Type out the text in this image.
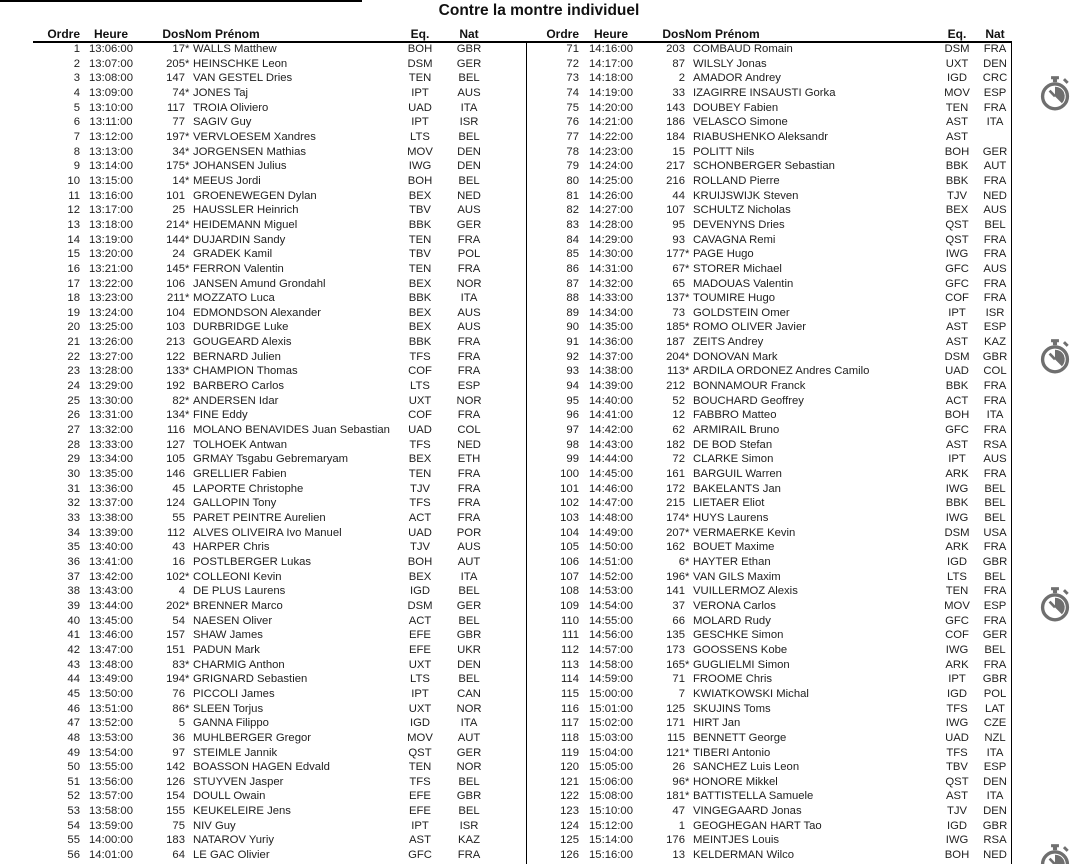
Contre la montre individuel
Ordre	Heure	Dos	Nom Prénom	Eq.	Nat
1	13:06:00	17	* WALLS Matthew	BOH	GBR
2	13:07:00	205	* HEINSCHKE Leon	DSM	GER
3	13:08:00	147	VAN GESTEL Dries	TEN	BEL
4	13:09:00	74	* JONES Taj	IPT	AUS
5	13:10:00	117	TROIA Oliviero	UAD	ITA
6	13:11:00	77	SAGIV Guy	IPT	ISR
7	13:12:00	197	* VERVLOESEM Xandres	LTS	BEL
8	13:13:00	34	* JORGENSEN Mathias	MOV	DEN
9	13:14:00	175	* JOHANSEN Julius	IWG	DEN
10	13:15:00	14	* MEEUS Jordi	BOH	BEL
11	13:16:00	101	GROENEWEGEN Dylan	BEX	NED
12	13:17:00	25	HAUSSLER Heinrich	TBV	AUS
13	13:18:00	214	* HEIDEMANN Miguel	BBK	GER
14	13:19:00	144	* DUJARDIN Sandy	TEN	FRA
15	13:20:00	24	GRADEK Kamil	TBV	POL
16	13:21:00	145	* FERRON Valentin	TEN	FRA
17	13:22:00	106	JANSEN Amund Grondahl	BEX	NOR
18	13:23:00	211	* MOZZATO Luca	BBK	ITA
19	13:24:00	104	EDMONDSON Alexander	BEX	AUS
20	13:25:00	103	DURBRIDGE Luke	BEX	AUS
21	13:26:00	213	GOUGEARD Alexis	BBK	FRA
22	13:27:00	122	BERNARD Julien	TFS	FRA
23	13:28:00	133	* CHAMPION Thomas	COF	FRA
24	13:29:00	192	BARBERO Carlos	LTS	ESP
25	13:30:00	82	* ANDERSEN Idar	UXT	NOR
26	13:31:00	134	* FINE Eddy	COF	FRA
27	13:32:00	116	MOLANO BENAVIDES Juan Sebastian	UAD	COL
28	13:33:00	127	TOLHOEK Antwan	TFS	NED
29	13:34:00	105	GRMAY Tsgabu Gebremaryam	BEX	ETH
30	13:35:00	146	GRELLIER Fabien	TEN	FRA
31	13:36:00	45	LAPORTE Christophe	TJV	FRA
32	13:37:00	124	GALLOPIN Tony	TFS	FRA
33	13:38:00	55	PARET PEINTRE Aurelien	ACT	FRA
34	13:39:00	112	ALVES OLIVEIRA Ivo Manuel	UAD	POR
35	13:40:00	43	HARPER Chris	TJV	AUS
36	13:41:00	16	POSTLBERGER Lukas	BOH	AUT
37	13:42:00	102	* COLLEONI Kevin	BEX	ITA
38	13:43:00	4	DE PLUS Laurens	IGD	BEL
39	13:44:00	202	* BRENNER Marco	DSM	GER
40	13:45:00	54	NAESEN Oliver	ACT	BEL
41	13:46:00	157	SHAW James	EFE	GBR
42	13:47:00	151	PADUN Mark	EFE	UKR
43	13:48:00	83	* CHARMIG Anthon	UXT	DEN
44	13:49:00	194	* GRIGNARD Sebastien	LTS	BEL
45	13:50:00	76	PICCOLI James	IPT	CAN
46	13:51:00	86	* SLEEN Torjus	UXT	NOR
47	13:52:00	5	GANNA Filippo	IGD	ITA
48	13:53:00	36	MUHLBERGER Gregor	MOV	AUT
49	13:54:00	97	STEIMLE Jannik	QST	GER
50	13:55:00	142	BOASSON HAGEN Edvald	TEN	NOR
51	13:56:00	126	STUYVEN Jasper	TFS	BEL
52	13:57:00	154	DOULL Owain	EFE	GBR
53	13:58:00	155	KEUKELEIRE Jens	EFE	BEL
54	13:59:00	75	NIV Guy	IPT	ISR
55	14:00:00	183	NATAROV Yuriy	AST	KAZ
56	14:01:00	64	LE GAC Olivier	GFC	FRA
Ordre	Heure	Dos	Nom Prénom	Eq.	Nat
71	14:16:00	203	COMBAUD Romain	DSM	FRA
72	14:17:00	87	WILSLY Jonas	UXT	DEN
73	14:18:00	2	AMADOR Andrey	IGD	CRC
74	14:19:00	33	IZAGIRRE INSAUSTI Gorka	MOV	ESP
75	14:20:00	143	DOUBEY Fabien	TEN	FRA
76	14:21:00	186	VELASCO Simone	AST	ITA
77	14:22:00	184	RIABUSHENKO Aleksandr	AST	
78	14:23:00	15	POLITT Nils	BOH	GER
79	14:24:00	217	SCHONBERGER Sebastian	BBK	AUT
80	14:25:00	216	ROLLAND Pierre	BBK	FRA
81	14:26:00	44	KRUIJSWIJK Steven	TJV	NED
82	14:27:00	107	SCHULTZ Nicholas	BEX	AUS
83	14:28:00	95	DEVENYNS Dries	QST	BEL
84	14:29:00	93	CAVAGNA Remi	QST	FRA
85	14:30:00	177	* PAGE Hugo	IWG	FRA
86	14:31:00	67	* STORER Michael	GFC	AUS
87	14:32:00	65	MADOUAS Valentin	GFC	FRA
88	14:33:00	137	* TOUMIRE Hugo	COF	FRA
89	14:34:00	73	GOLDSTEIN Omer	IPT	ISR
90	14:35:00	185	* ROMO OLIVER Javier	AST	ESP
91	14:36:00	187	ZEITS Andrey	AST	KAZ
92	14:37:00	204	* DONOVAN Mark	DSM	GBR
93	14:38:00	113	* ARDILA ORDONEZ Andres Camilo	UAD	COL
94	14:39:00	212	BONNAMOUR Franck	BBK	FRA
95	14:40:00	52	BOUCHARD Geoffrey	ACT	FRA
96	14:41:00	12	FABBRO Matteo	BOH	ITA
97	14:42:00	62	ARMIRAIL Bruno	GFC	FRA
98	14:43:00	182	DE BOD Stefan	AST	RSA
99	14:44:00	72	CLARKE Simon	IPT	AUS
100	14:45:00	161	BARGUIL Warren	ARK	FRA
101	14:46:00	172	BAKELANTS Jan	IWG	BEL
102	14:47:00	215	LIETAER Eliot	BBK	BEL
103	14:48:00	174	* HUYS Laurens	IWG	BEL
104	14:49:00	207	* VERMAERKE Kevin	DSM	USA
105	14:50:00	162	BOUET Maxime	ARK	FRA
106	14:51:00	6	* HAYTER Ethan	IGD	GBR
107	14:52:00	196	* VAN GILS Maxim	LTS	BEL
108	14:53:00	141	VUILLERMOZ Alexis	TEN	FRA
109	14:54:00	37	VERONA Carlos	MOV	ESP
110	14:55:00	66	MOLARD Rudy	GFC	FRA
111	14:56:00	135	GESCHKE Simon	COF	GER
112	14:57:00	173	GOOSSENS Kobe	IWG	BEL
113	14:58:00	165	* GUGLIELMI Simon	ARK	FRA
114	14:59:00	71	FROOME Chris	IPT	GBR
115	15:00:00	7	KWIATKOWSKI Michal	IGD	POL
116	15:01:00	125	SKUJINS Toms	TFS	LAT
117	15:02:00	171	HIRT Jan	IWG	CZE
118	15:03:00	115	BENNETT George	UAD	NZL
119	15:04:00	121	* TIBERI Antonio	TFS	ITA
120	15:05:00	26	SANCHEZ Luis Leon	TBV	ESP
121	15:06:00	96	* HONORE Mikkel	QST	DEN
122	15:08:00	181	* BATTISTELLA Samuele	AST	ITA
123	15:10:00	47	VINGEGAARD Jonas	TJV	DEN
124	15:12:00	1	GEOGHEGAN HART Tao	IGD	GBR
125	15:14:00	176	MEINTJES Louis	IWG	RSA
126	15:16:00	13	KELDERMAN Wilco	BOH	NED
